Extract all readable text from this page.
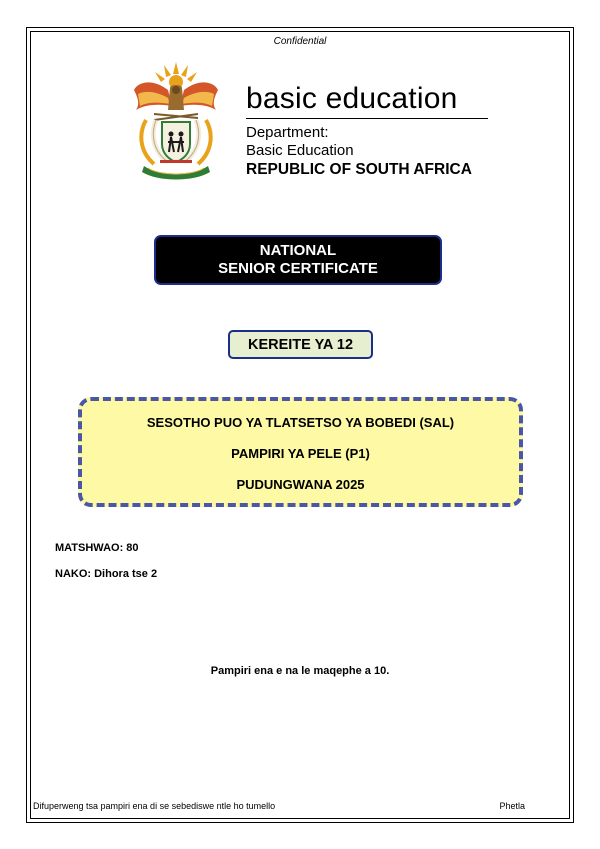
Confidential
basic education
Department:
Basic Education
REPUBLIC OF SOUTH AFRICA
NATIONAL
SENIOR CERTIFICATE
KEREITE YA 12
SESOTHO PUO YA TLATSETSO YA BOBEDI (SAL)
PAMPIRI YA PELE (P1)
PUDUNGWANA 2025
MATSHWAO: 80
NAKO: Dihora tse 2
Pampiri ena e na le maqephe a 10.
Difuperweng tsa pampiri ena di se sebediswe ntle ho tumello	Phetla
